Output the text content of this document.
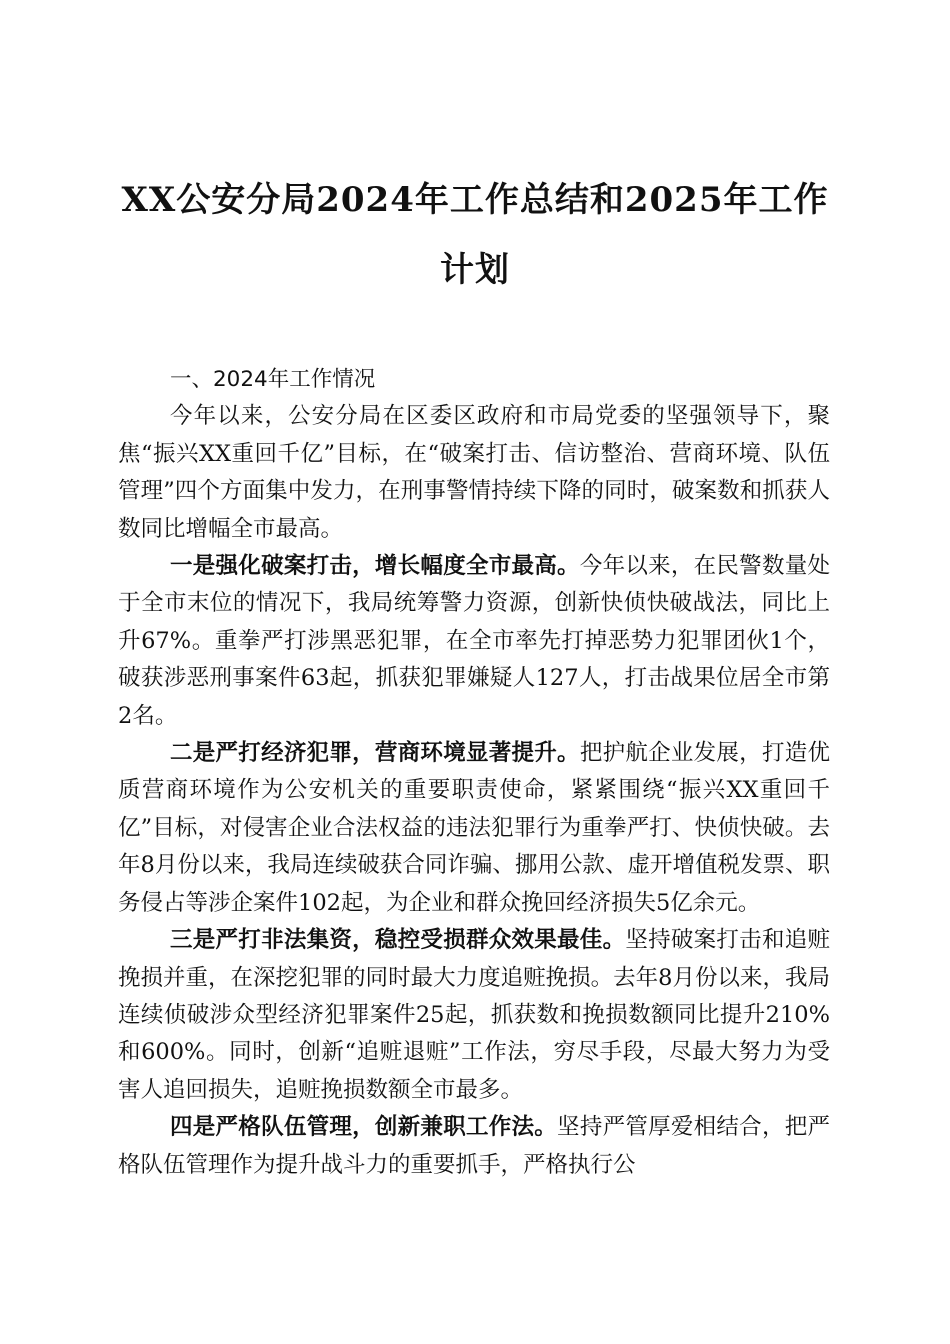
XX公安分局2024年工作总结和2025年工作
计划
一、2024年工作情况

今年以来，公安分局在区委区政府和市局党委的坚强领导下，聚焦“振兴XX重回千亿”目标，在“破案打击、信访整治、营商环境、队伍管理”四个方面集中发力，在刑事警情持续下降的同时，破案数和抓获人数同比增幅全市最高。

一是强化破案打击，增长幅度全市最高。今年以来，在民警数量处于全市末位的情况下，我局统筹警力资源，创新快侦快破战法，同比上升67%。重拳严打涉黑恶犯罪，在全市率先打掉恶势力犯罪团伙1个，破获涉恶刑事案件63起，抓获犯罪嫌疑人127人，打击战果位居全市第2名。

二是严打经济犯罪，营商环境显著提升。把护航企业发展，打造优质营商环境作为公安机关的重要职责使命，紧紧围绕“振兴XX重回千亿”目标，对侵害企业合法权益的违法犯罪行为重拳严打、快侦快破。去年8月份以来，我局连续破获合同诈骗、挪用公款、虚开增值税发票、职务侵占等涉企案件102起，为企业和群众挽回经济损失5亿余元。

三是严打非法集资，稳控受损群众效果最佳。坚持破案打击和追赃挽损并重，在深挖犯罪的同时最大力度追赃挽损。去年8月份以来，我局连续侦破涉众型经济犯罪案件25起，抓获数和挽损数额同比提升210%和600%。同时，创新“追赃退赃”工作法，穷尽手段，尽最大努力为受害人追回损失，追赃挽损数额全市最多。

四是严格队伍管理，创新兼职工作法。坚持严管厚爱相结合，把严格队伍管理作为提升战斗力的重要抓手，严格执行公
